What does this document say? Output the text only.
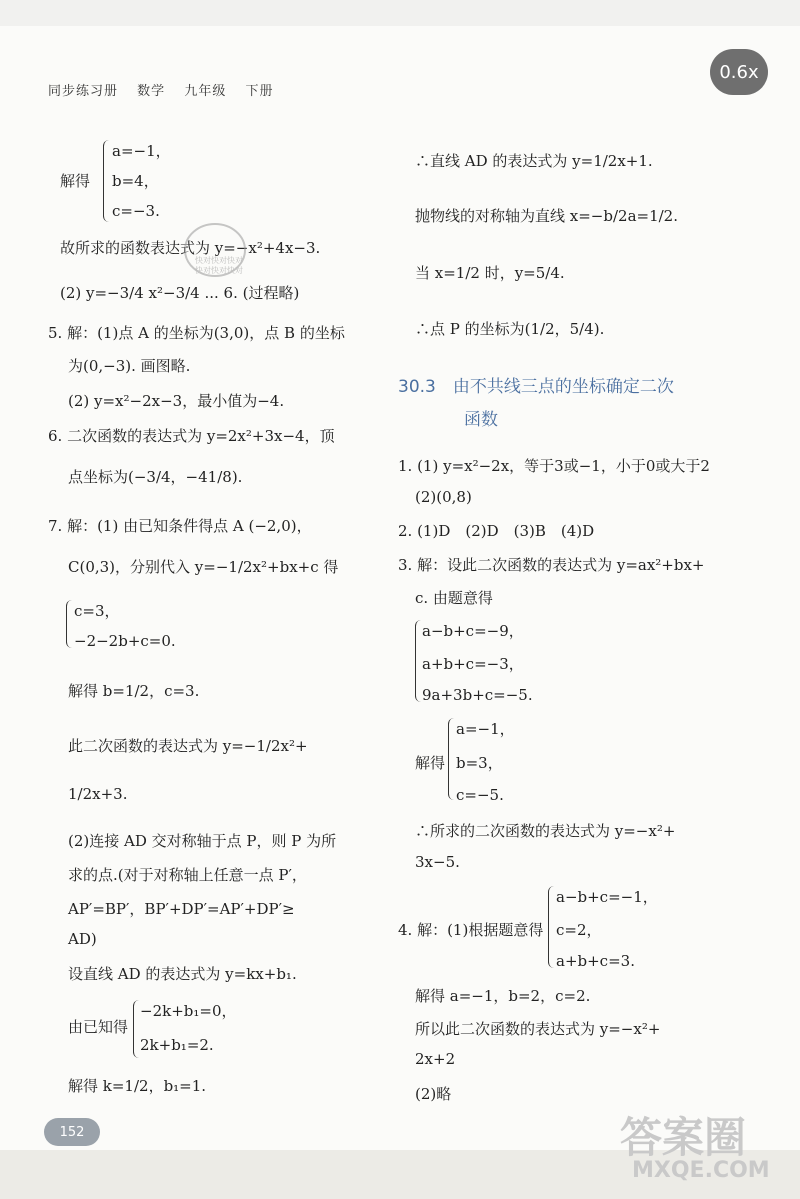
同步练习册 数学 九年级 下册
0.6x
a=−1，
解得 b=4，
c=−3.
故所求的函数表达式为 y=−x²+4x−3.
(2) y=−3/4 x²−3/4 ... 6. (过程略)
5. 解：(1)点 A 的坐标为(3,0)，点 B 的坐标
为(0,−3). 画图略.
(2) y=x²−2x−3，最小值为−4.
6. 二次函数的表达式为 y=2x²+3x−4，顶
点坐标为(−3/4，−41/8).
7. 解：(1) 由已知条件得点 A (−2,0)，
C(0,3)，分别代入 y=−1/2x²+bx+c 得
c=3，
−2−2b+c=0.
解得 b=1/2，c=3.
此二次函数的表达式为 y=−1/2x²+
1/2x+3.
(2)连接 AD 交对称轴于点 P，则 P 为所
求的点.(对于对称轴上任意一点 P′，
AP′=BP′，BP′+DP′=AP′+DP′≥
AD)
设直线 AD 的表达式为 y=kx+b₁.
−2k+b₁=0，
由已知得
2k+b₁=2.
解得 k=1/2，b₁=1.
∴直线 AD 的表达式为 y=1/2x+1.
抛物线的对称轴为直线 x=−b/2a=1/2.
当 x=1/2 时，y=5/4.
∴点 P 的坐标为(1/2，5/4).
30.3　由不共线三点的坐标确定二次
函数
1. (1) y=x²−2x，等于3或−1，小于0或大于2
(2)(0,8)
2. (1)D　(2)D　(3)B　(4)D
3. 解：设此二次函数的表达式为 y=ax²+bx+
c. 由题意得
a−b+c=−9，
a+b+c=−3，
9a+3b+c=−5.
a=−1，
解得 b=3，
c=−5.
∴所求的二次函数的表达式为 y=−x²+
3x−5.
a−b+c=−1，
4. 解：(1)根据题意得 c=2，
a+b+c=3.
解得 a=−1，b=2，c=2.
所以此二次函数的表达式为 y=−x²+
2x+2
(2)略
快对快对快对
快对快对快对
152	答案圈
MXQE.COM
